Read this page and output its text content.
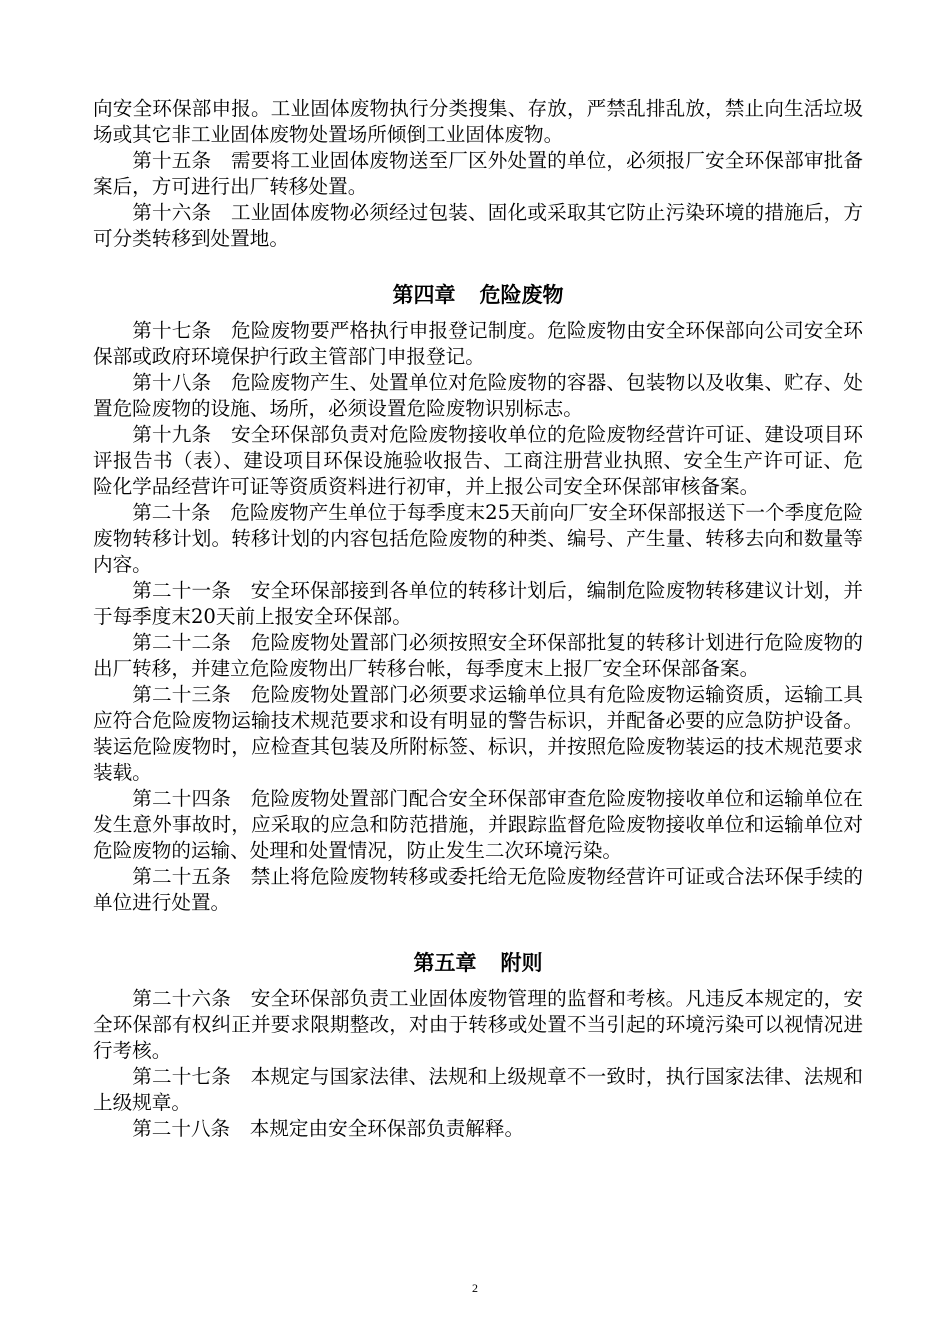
向安全环保部申报。工业固体废物执行分类搜集、存放，严禁乱排乱放，禁止向生活垃圾场或其它非工业固体废物处置场所倾倒工业固体废物。

第十五条  需要将工业固体废物送至厂区外处置的单位，必须报厂安全环保部审批备案后，方可进行出厂转移处置。

第十六条  工业固体废物必须经过包装、固化或采取其它防止污染环境的措施后，方可分类转移到处置地。

第四章 危险废物

第十七条  危险废物要严格执行申报登记制度。危险废物由安全环保部向公司安全环保部或政府环境保护行政主管部门申报登记。

第十八条  危险废物产生、处置单位对危险废物的容器、包装物以及收集、贮存、处置危险废物的设施、场所，必须设置危险废物识别标志。

第十九条  安全环保部负责对危险废物接收单位的危险废物经营许可证、建设项目环评报告书（表）、建设项目环保设施验收报告、工商注册营业执照、安全生产许可证、危险化学品经营许可证等资质资料进行初审，并上报公司安全环保部审核备案。

第二十条  危险废物产生单位于每季度末25天前向厂安全环保部报送下一个季度危险废物转移计划。转移计划的内容包括危险废物的种类、编号、产生量、转移去向和数量等内容。

第二十一条  安全环保部接到各单位的转移计划后，编制危险废物转移建议计划，并于每季度末20天前上报安全环保部。

第二十二条  危险废物处置部门必须按照安全环保部批复的转移计划进行危险废物的出厂转移，并建立危险废物出厂转移台帐，每季度末上报厂安全环保部备案。

第二十三条  危险废物处置部门必须要求运输单位具有危险废物运输资质，运输工具应符合危险废物运输技术规范要求和设有明显的警告标识，并配备必要的应急防护设备。装运危险废物时，应检查其包装及所附标签、标识，并按照危险废物装运的技术规范要求装载。

第二十四条  危险废物处置部门配合安全环保部审查危险废物接收单位和运输单位在发生意外事故时，应采取的应急和防范措施，并跟踪监督危险废物接收单位和运输单位对危险废物的运输、处理和处置情况，防止发生二次环境污染。

第二十五条  禁止将危险废物转移或委托给无危险废物经营许可证或合法环保手续的单位进行处置。

第五章 附则

第二十六条  安全环保部负责工业固体废物管理的监督和考核。凡违反本规定的，安全环保部有权纠正并要求限期整改，对由于转移或处置不当引起的环境污染可以视情况进行考核。

第二十七条  本规定与国家法律、法规和上级规章不一致时，执行国家法律、法规和上级规章。

第二十八条  本规定由安全环保部负责解释。

2
